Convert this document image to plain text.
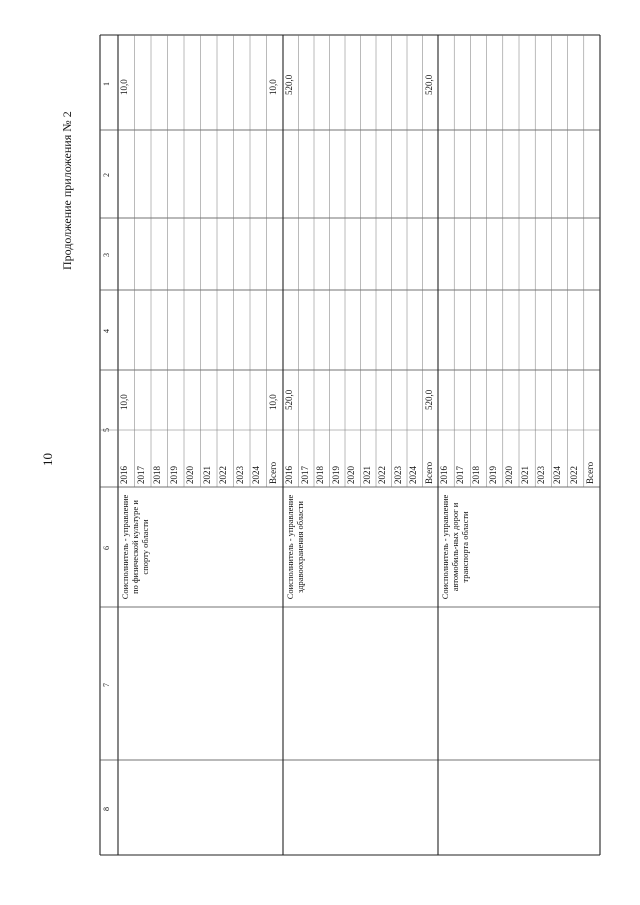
10
Продолжение приложения № 2
1
2
3
4
5
6
7
8
Соисполнитель - управление по физической культуре и спорту области
2016
10,0
10,0
2017 2018 2019 2020 2021 2022 2023 2024 Всего
10,0
10,0
Соисполнитель - управление здравоохранения области
2016
520,0
520,0
2017 2018 2019 2020 2021 2022 2023 2024 Всего
520,0
520,0
Соисполнитель - управление автомобиль-ных дорог и транспорта области
2016 2017 2018 2019 2020 2021 2023 2024 2022 Всего
